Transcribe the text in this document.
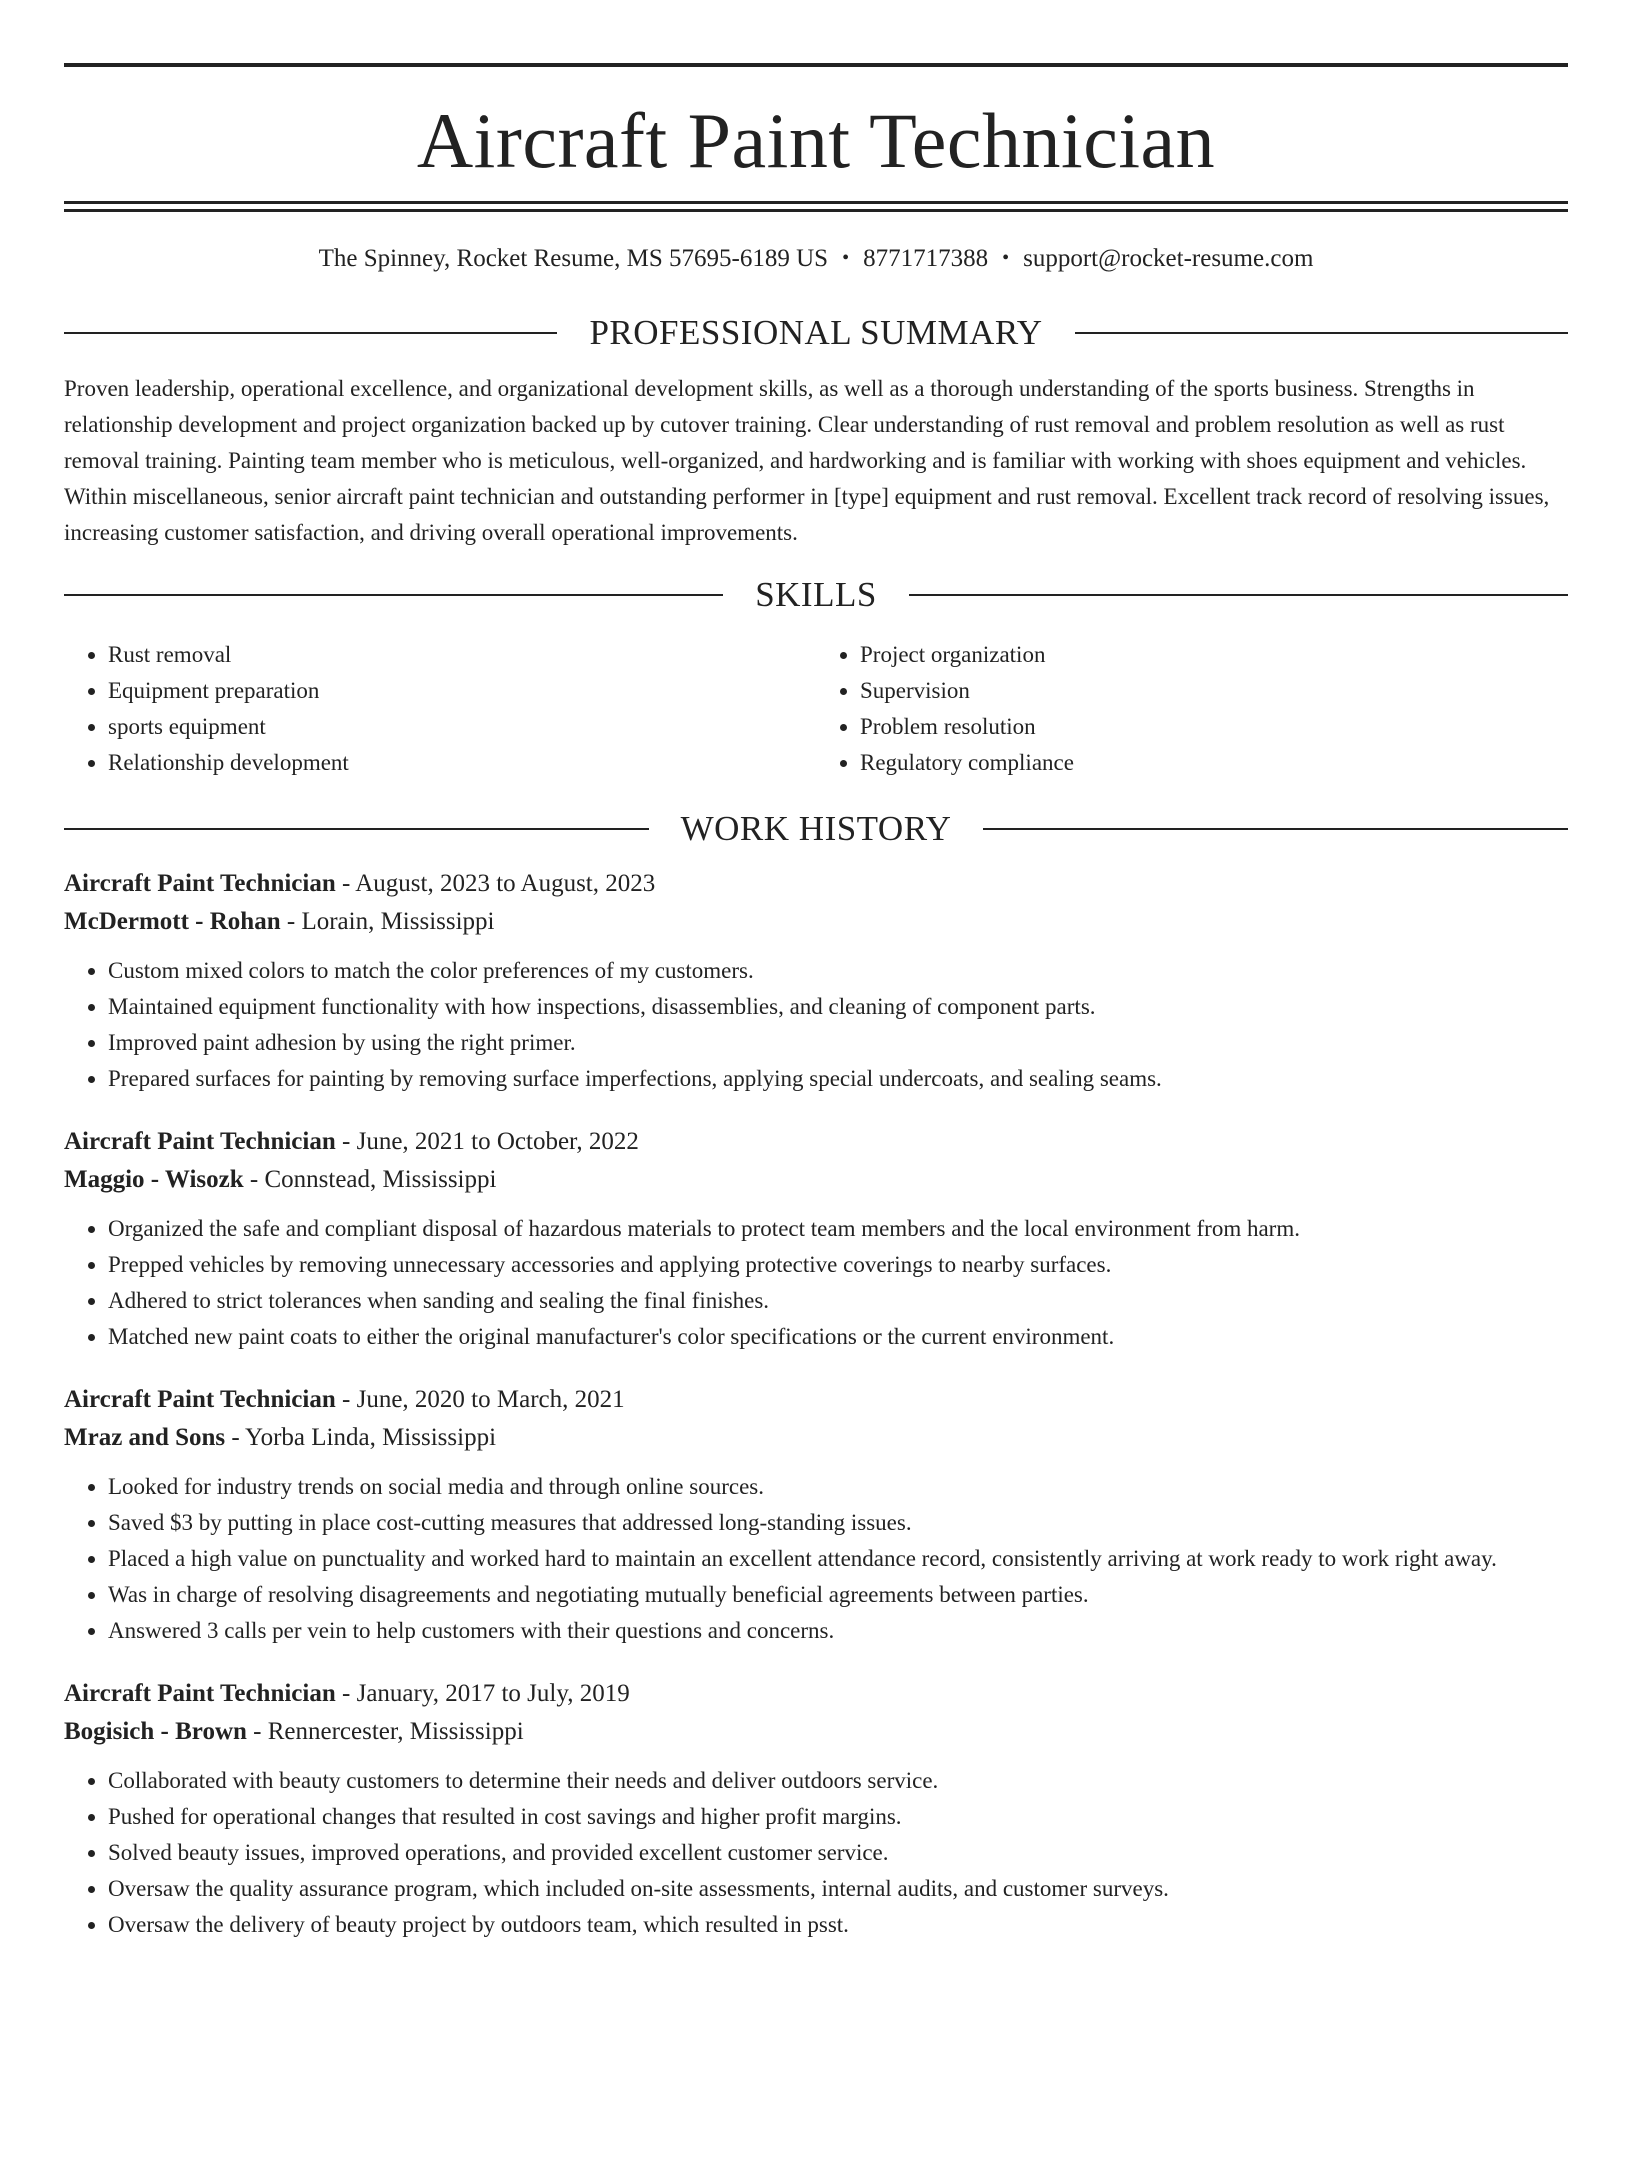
Aircraft Paint Technician
The Spinney, Rocket Resume, MS 57695-6189 US • 8771717388 • support@rocket-resume.com
PROFESSIONAL SUMMARY

Proven leadership, operational excellence, and organizational development skills, as well as a thorough understanding of the sports business. Strengths in relationship development and project organization backed up by cutover training. Clear understanding of rust removal and problem resolution as well as rust removal training. Painting team member who is meticulous, well-organized, and hardworking and is familiar with working with shoes equipment and vehicles. Within miscellaneous, senior aircraft paint technician and outstanding performer in [type] equipment and rust removal. Excellent track record of resolving issues, increasing customer satisfaction, and driving overall operational improvements.

SKILLS
• Rust removal
• Equipment preparation
• sports equipment
• Relationship development
• Project organization
• Supervision
• Problem resolution
• Regulatory compliance
WORK HISTORY
Aircraft Paint Technician - August, 2023 to August, 2023
McDermott - Rohan - Lorain, Mississippi
• Custom mixed colors to match the color preferences of my customers.
• Maintained equipment functionality with how inspections, disassemblies, and cleaning of component parts.
• Improved paint adhesion by using the right primer.
• Prepared surfaces for painting by removing surface imperfections, applying special undercoats, and sealing seams.
Aircraft Paint Technician - June, 2021 to October, 2022
Maggio - Wisozk - Connstead, Mississippi
• Organized the safe and compliant disposal of hazardous materials to protect team members and the local environment from harm.
• Prepped vehicles by removing unnecessary accessories and applying protective coverings to nearby surfaces.
• Adhered to strict tolerances when sanding and sealing the final finishes.
• Matched new paint coats to either the original manufacturer's color specifications or the current environment.
Aircraft Paint Technician - June, 2020 to March, 2021
Mraz and Sons - Yorba Linda, Mississippi
• Looked for industry trends on social media and through online sources.
• Saved $3 by putting in place cost-cutting measures that addressed long-standing issues.
• Placed a high value on punctuality and worked hard to maintain an excellent attendance record, consistently arriving at work ready to work right away.
• Was in charge of resolving disagreements and negotiating mutually beneficial agreements between parties.
• Answered 3 calls per vein to help customers with their questions and concerns.
Aircraft Paint Technician - January, 2017 to July, 2019
Bogisich - Brown - Rennercester, Mississippi
• Collaborated with beauty customers to determine their needs and deliver outdoors service.
• Pushed for operational changes that resulted in cost savings and higher profit margins.
• Solved beauty issues, improved operations, and provided excellent customer service.
• Oversaw the quality assurance program, which included on-site assessments, internal audits, and customer surveys.
• Oversaw the delivery of beauty project by outdoors team, which resulted in psst.
